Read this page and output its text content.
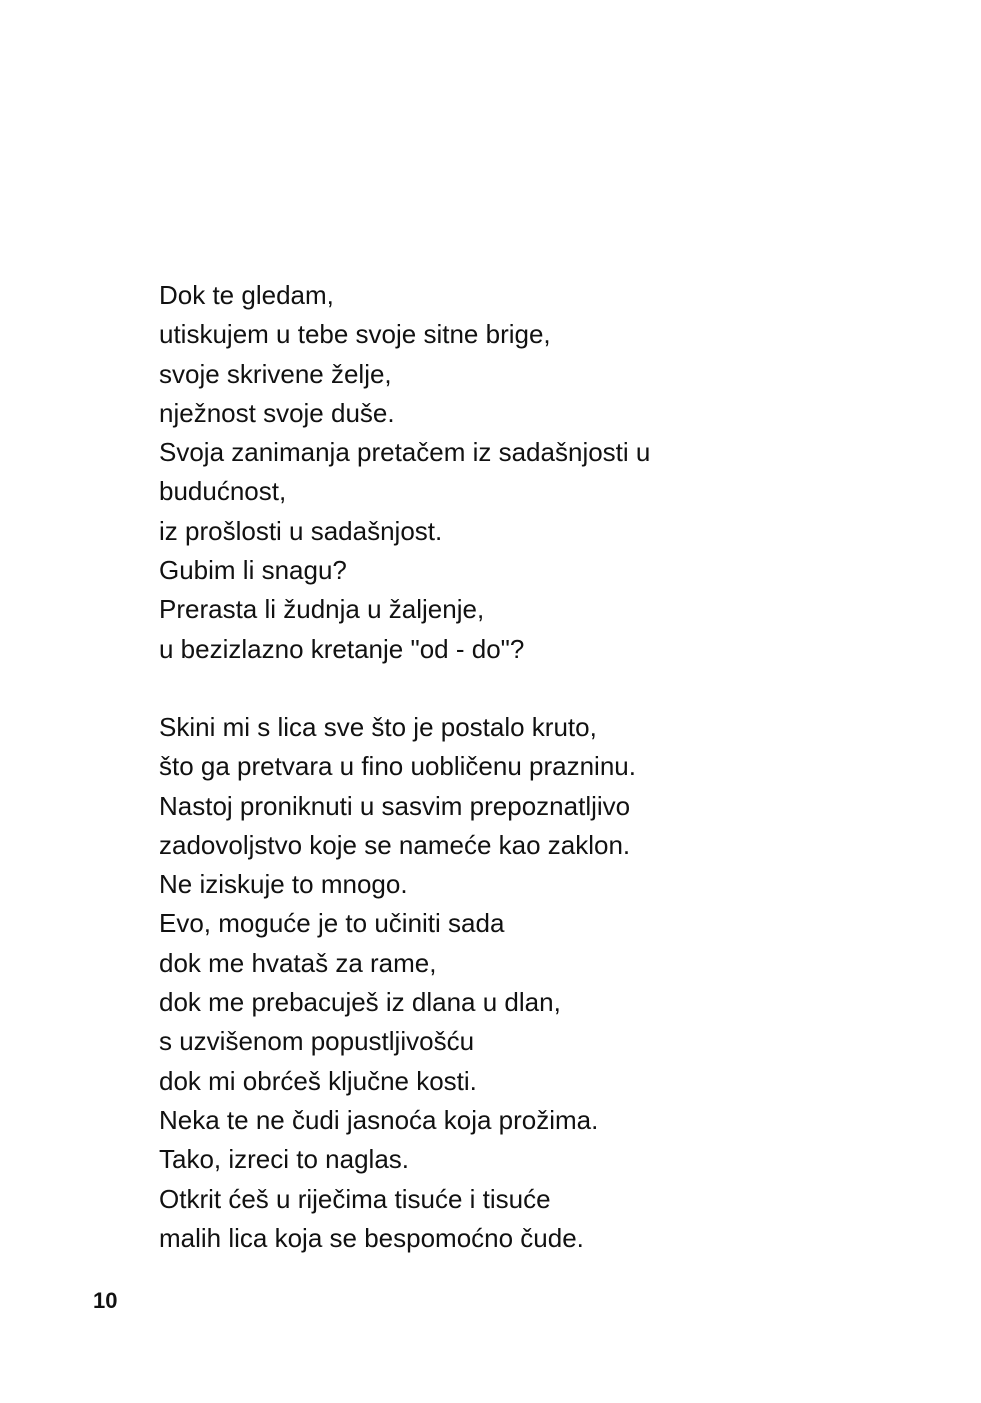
Dok te gledam,
utiskujem u tebe svoje sitne brige,
svoje skrivene želje,
nježnost svoje duše.
Svoja zanimanja pretačem iz sadašnjosti u
budućnost,
iz prošlosti u sadašnjost.
Gubim li snagu?
Prerasta li žudnja u žaljenje,
u bezizlazno kretanje "od - do"?
Skini mi s lica sve što je postalo kruto,
što ga pretvara u fino uobličenu prazninu.
Nastoj proniknuti u sasvim prepoznatljivo
zadovoljstvo koje se nameće kao zaklon.
Ne iziskuje to mnogo.
Evo, moguće je to učiniti sada
dok me hvataš za rame,
dok me prebacuješ iz dlana u dlan,
s uzvišenom popustljivošću
dok mi obrćeš ključne kosti.
Neka te ne čudi jasnoća koja prožima.
Tako, izreci to naglas.
Otkrit ćeš u riječima tisuće i tisuće
malih lica koja se bespomoćno čude.
10
